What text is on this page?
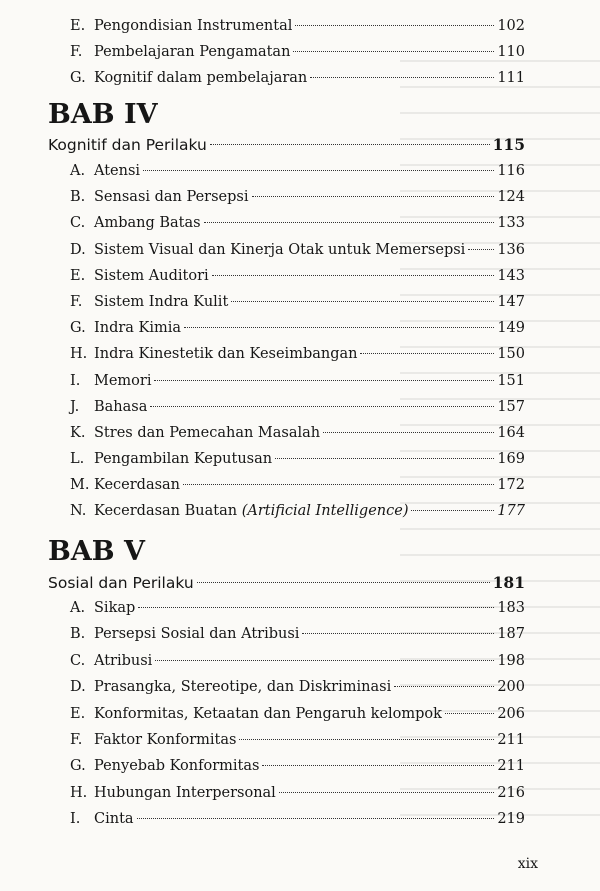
E. Pengondisian Instrumental	102
F. Pembelajaran Pengamatan	110
G. Kognitif dalam pembelajaran	111
BAB IV
Kognitif dan Perilaku	115
A. Atensi	116
B. Sensasi dan Persepsi	124
C. Ambang Batas	133
D. Sistem Visual dan Kinerja Otak untuk Memersepsi 136
E. Sistem Auditori	143
F. Sistem Indra Kulit	147
G. Indra Kimia	149
H. Indra Kinestetik dan Keseimbangan	150
I. Memori	151
J.	Bahasa	157
K. Stres dan Pemecahan Masalah	164
L. Pengambilan Keputusan	169
M. Kecerdasan	172
N. Kecerdasan Buatan (Artificial Intelligence)	177
BAB V
Sosial dan Perilaku	181
A. Sikap	183
B. Persepsi Sosial dan Atribusi	187
C. Atribusi	198
D. Prasangka, Stereotipe, dan Diskriminasi	200
E. Konformitas, Ketaatan dan Pengaruh kelompok	206
F. Faktor Konformitas	211
G. Penyebab Konformitas	211
H. Hubungan Interpersonal	216
I. Cinta	219
xix
